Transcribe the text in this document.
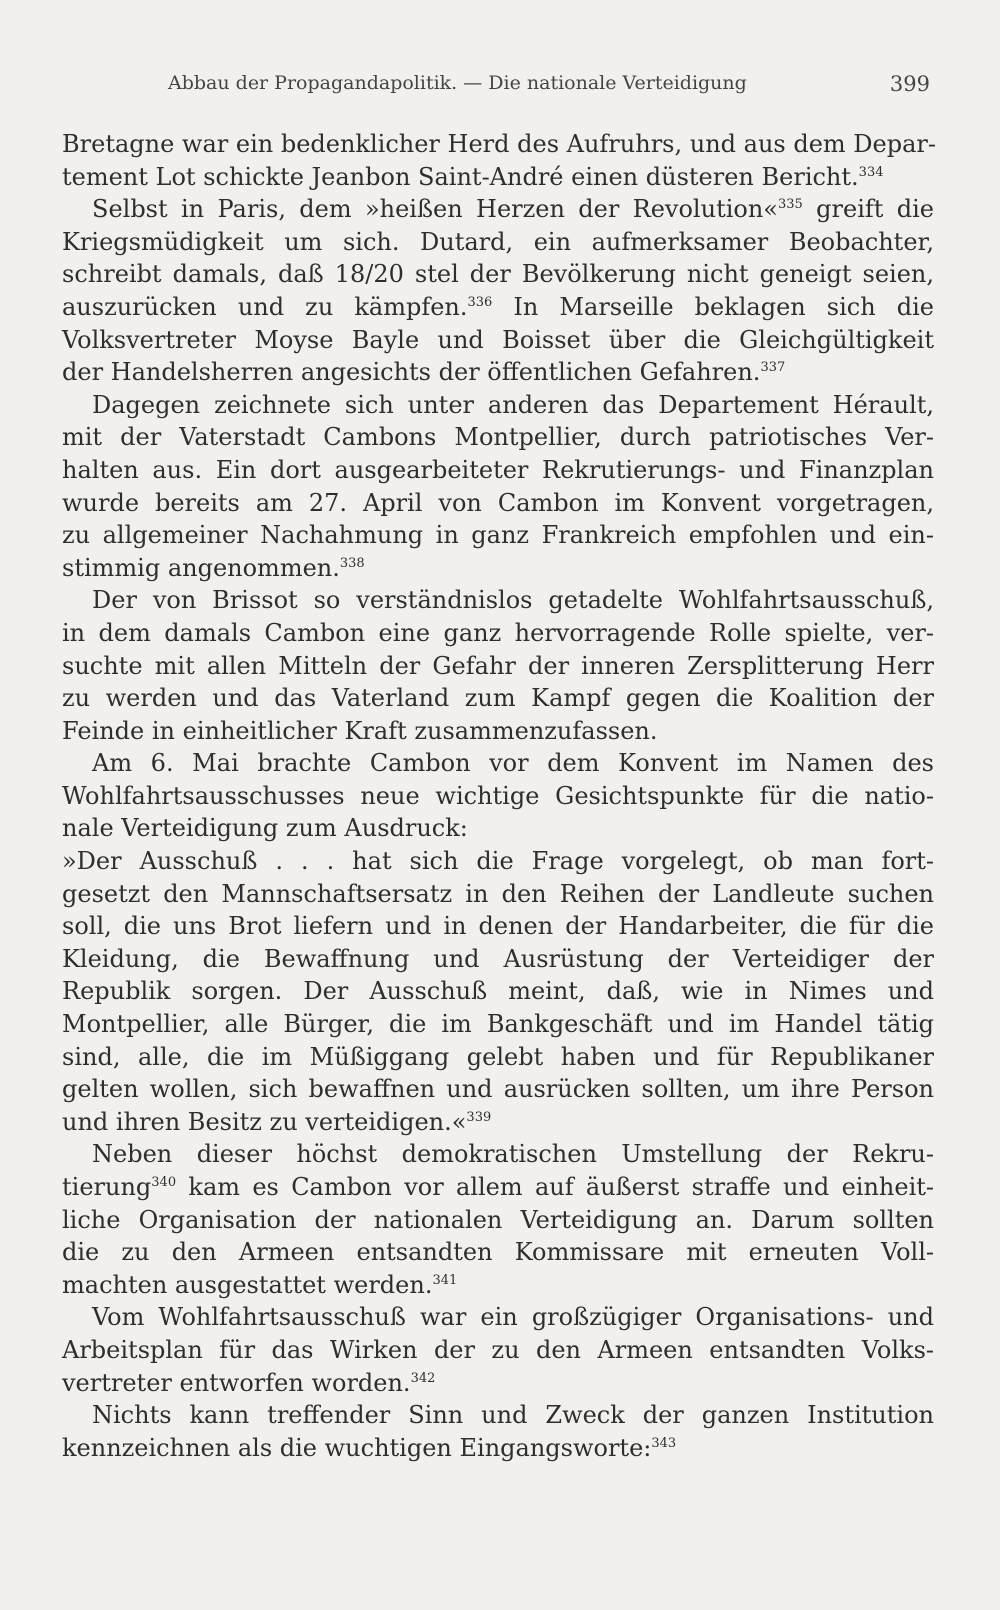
Abbau der Propagandapolitik. — Die nationale Verteidigung	399
Bretagne war ein bedenklicher Herd des Aufruhrs, und aus dem Depar-
tement Lot schickte Jeanbon Saint-André einen düsteren Bericht.$^{334}$
Selbst in Paris, dem »heißen Herzen der Revolution«$^{335}$ greift die
Kriegsmüdigkeit um sich. Dutard, ein aufmerksamer Beobachter,
schreibt damals, daß 18/20 stel der Bevölkerung nicht geneigt seien,
auszurücken und zu kämpfen.$^{336}$ In Marseille beklagen sich die
Volksvertreter Moyse Bayle und Boisset über die Gleichgültigkeit
der Handelsherren angesichts der öffentlichen Gefahren.$^{337}$
Dagegen zeichnete sich unter anderen das Departement Hérault,
mit der Vaterstadt Cambons Montpellier, durch patriotisches Ver-
halten aus. Ein dort ausgearbeiteter Rekrutierungs- und Finanzplan
wurde bereits am 27. April von Cambon im Konvent vorgetragen,
zu allgemeiner Nachahmung in ganz Frankreich empfohlen und ein-
stimmig angenommen.$^{338}$
Der von Brissot so verständnislos getadelte Wohlfahrtsausschuß,
in dem damals Cambon eine ganz hervorragende Rolle spielte, ver-
suchte mit allen Mitteln der Gefahr der inneren Zersplitterung Herr
zu werden und das Vaterland zum Kampf gegen die Koalition der
Feinde in einheitlicher Kraft zusammenzufassen.
Am 6. Mai brachte Cambon vor dem Konvent im Namen des
Wohlfahrtsausschusses neue wichtige Gesichtspunkte für die natio-
nale Verteidigung zum Ausdruck:
»Der Ausschuß . . . hat sich die Frage vorgelegt, ob man fort-
gesetzt den Mannschaftsersatz in den Reihen der Landleute suchen
soll, die uns Brot liefern und in denen der Handarbeiter, die für die
Kleidung, die Bewaffnung und Ausrüstung der Verteidiger der
Republik sorgen. Der Ausschuß meint, daß, wie in Nimes und
Montpellier, alle Bürger, die im Bankgeschäft und im Handel tätig
sind, alle, die im Müßiggang gelebt haben und für Republikaner
gelten wollen, sich bewaffnen und ausrücken sollten, um ihre Person
und ihren Besitz zu verteidigen.«$^{339}$
Neben dieser höchst demokratischen Umstellung der Rekru-
tierung$^{340}$ kam es Cambon vor allem auf äußerst straffe und einheit-
liche Organisation der nationalen Verteidigung an. Darum sollten
die zu den Armeen entsandten Kommissare mit erneuten Voll-
machten ausgestattet werden.$^{341}$
Vom Wohlfahrtsausschuß war ein großzügiger Organisations- und
Arbeitsplan für das Wirken der zu den Armeen entsandten Volks-
vertreter entworfen worden.$^{342}$
Nichts kann treffender Sinn und Zweck der ganzen Institution
kennzeichnen als die wuchtigen Eingangsworte:$^{343}$
